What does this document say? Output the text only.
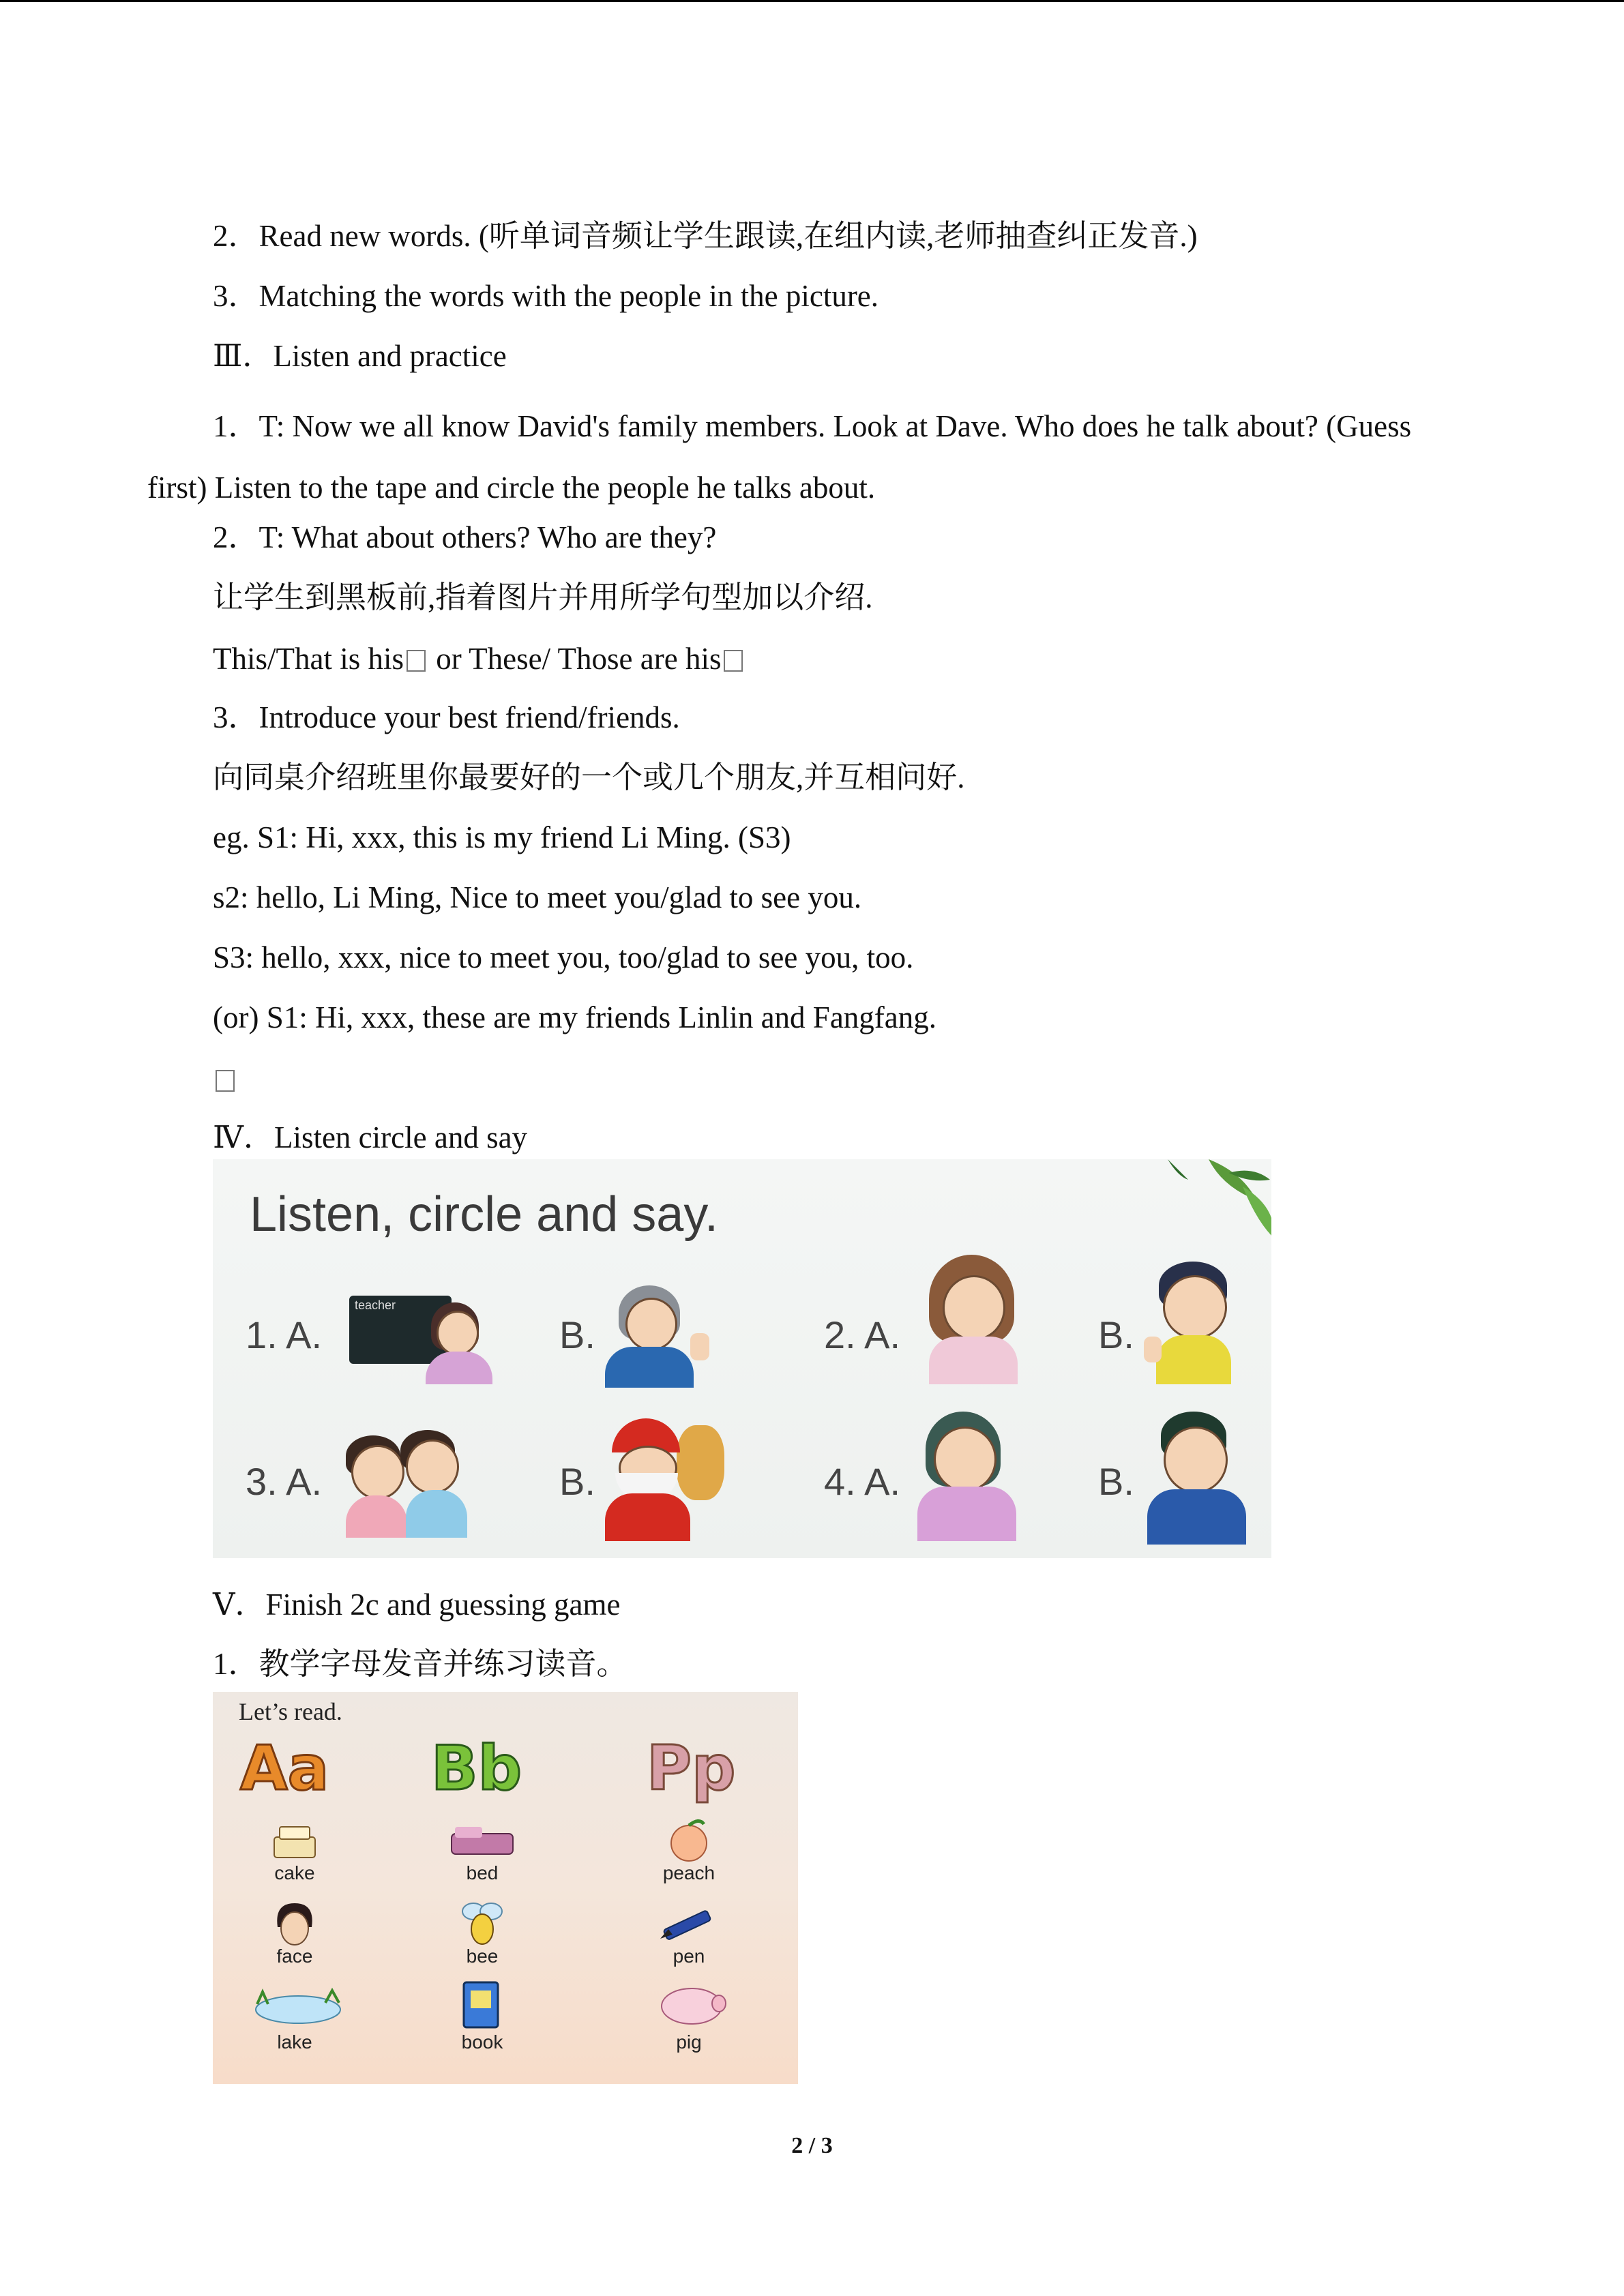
2．Read new words. (听单词音频让学生跟读,在组内读,老师抽查纠正发音.)
3．Matching the words with the people in the picture.
Ⅲ．Listen and practice
1．T: Now we all know David's family members. Look at Dave. Who does he talk about? (Guess first) Listen to the tape and circle the people he talks about.
2．T: What about others? Who are they?
让学生到黑板前,指着图片并用所学句型加以介绍.
This/That is his or These/ Those are his
3．Introduce your best friend/friends.
向同桌介绍班里你最要好的一个或几个朋友,并互相问好.
eg. S1: Hi, xxx, this is my friend Li Ming. (S3)
s2: hello, Li Ming, Nice to meet you/glad to see you.
S3: hello, xxx, nice to meet you, too/glad to see you, too.
(or) S1: Hi, xxx, these are my friends Linlin and Fangfang.
Ⅳ．Listen circle and say
Listen, circle and say.
1. A.	B.	2. A.	B.
3. A.	B.	4. A.	B.
teacher
Ⅴ．Finish 2c and guessing game
1．教学字母发音并练习读音。
Let’s read.
Aa Bb Pp
cake	bed	peach
face	bee	pen
lake	book	pig
2 / 3
